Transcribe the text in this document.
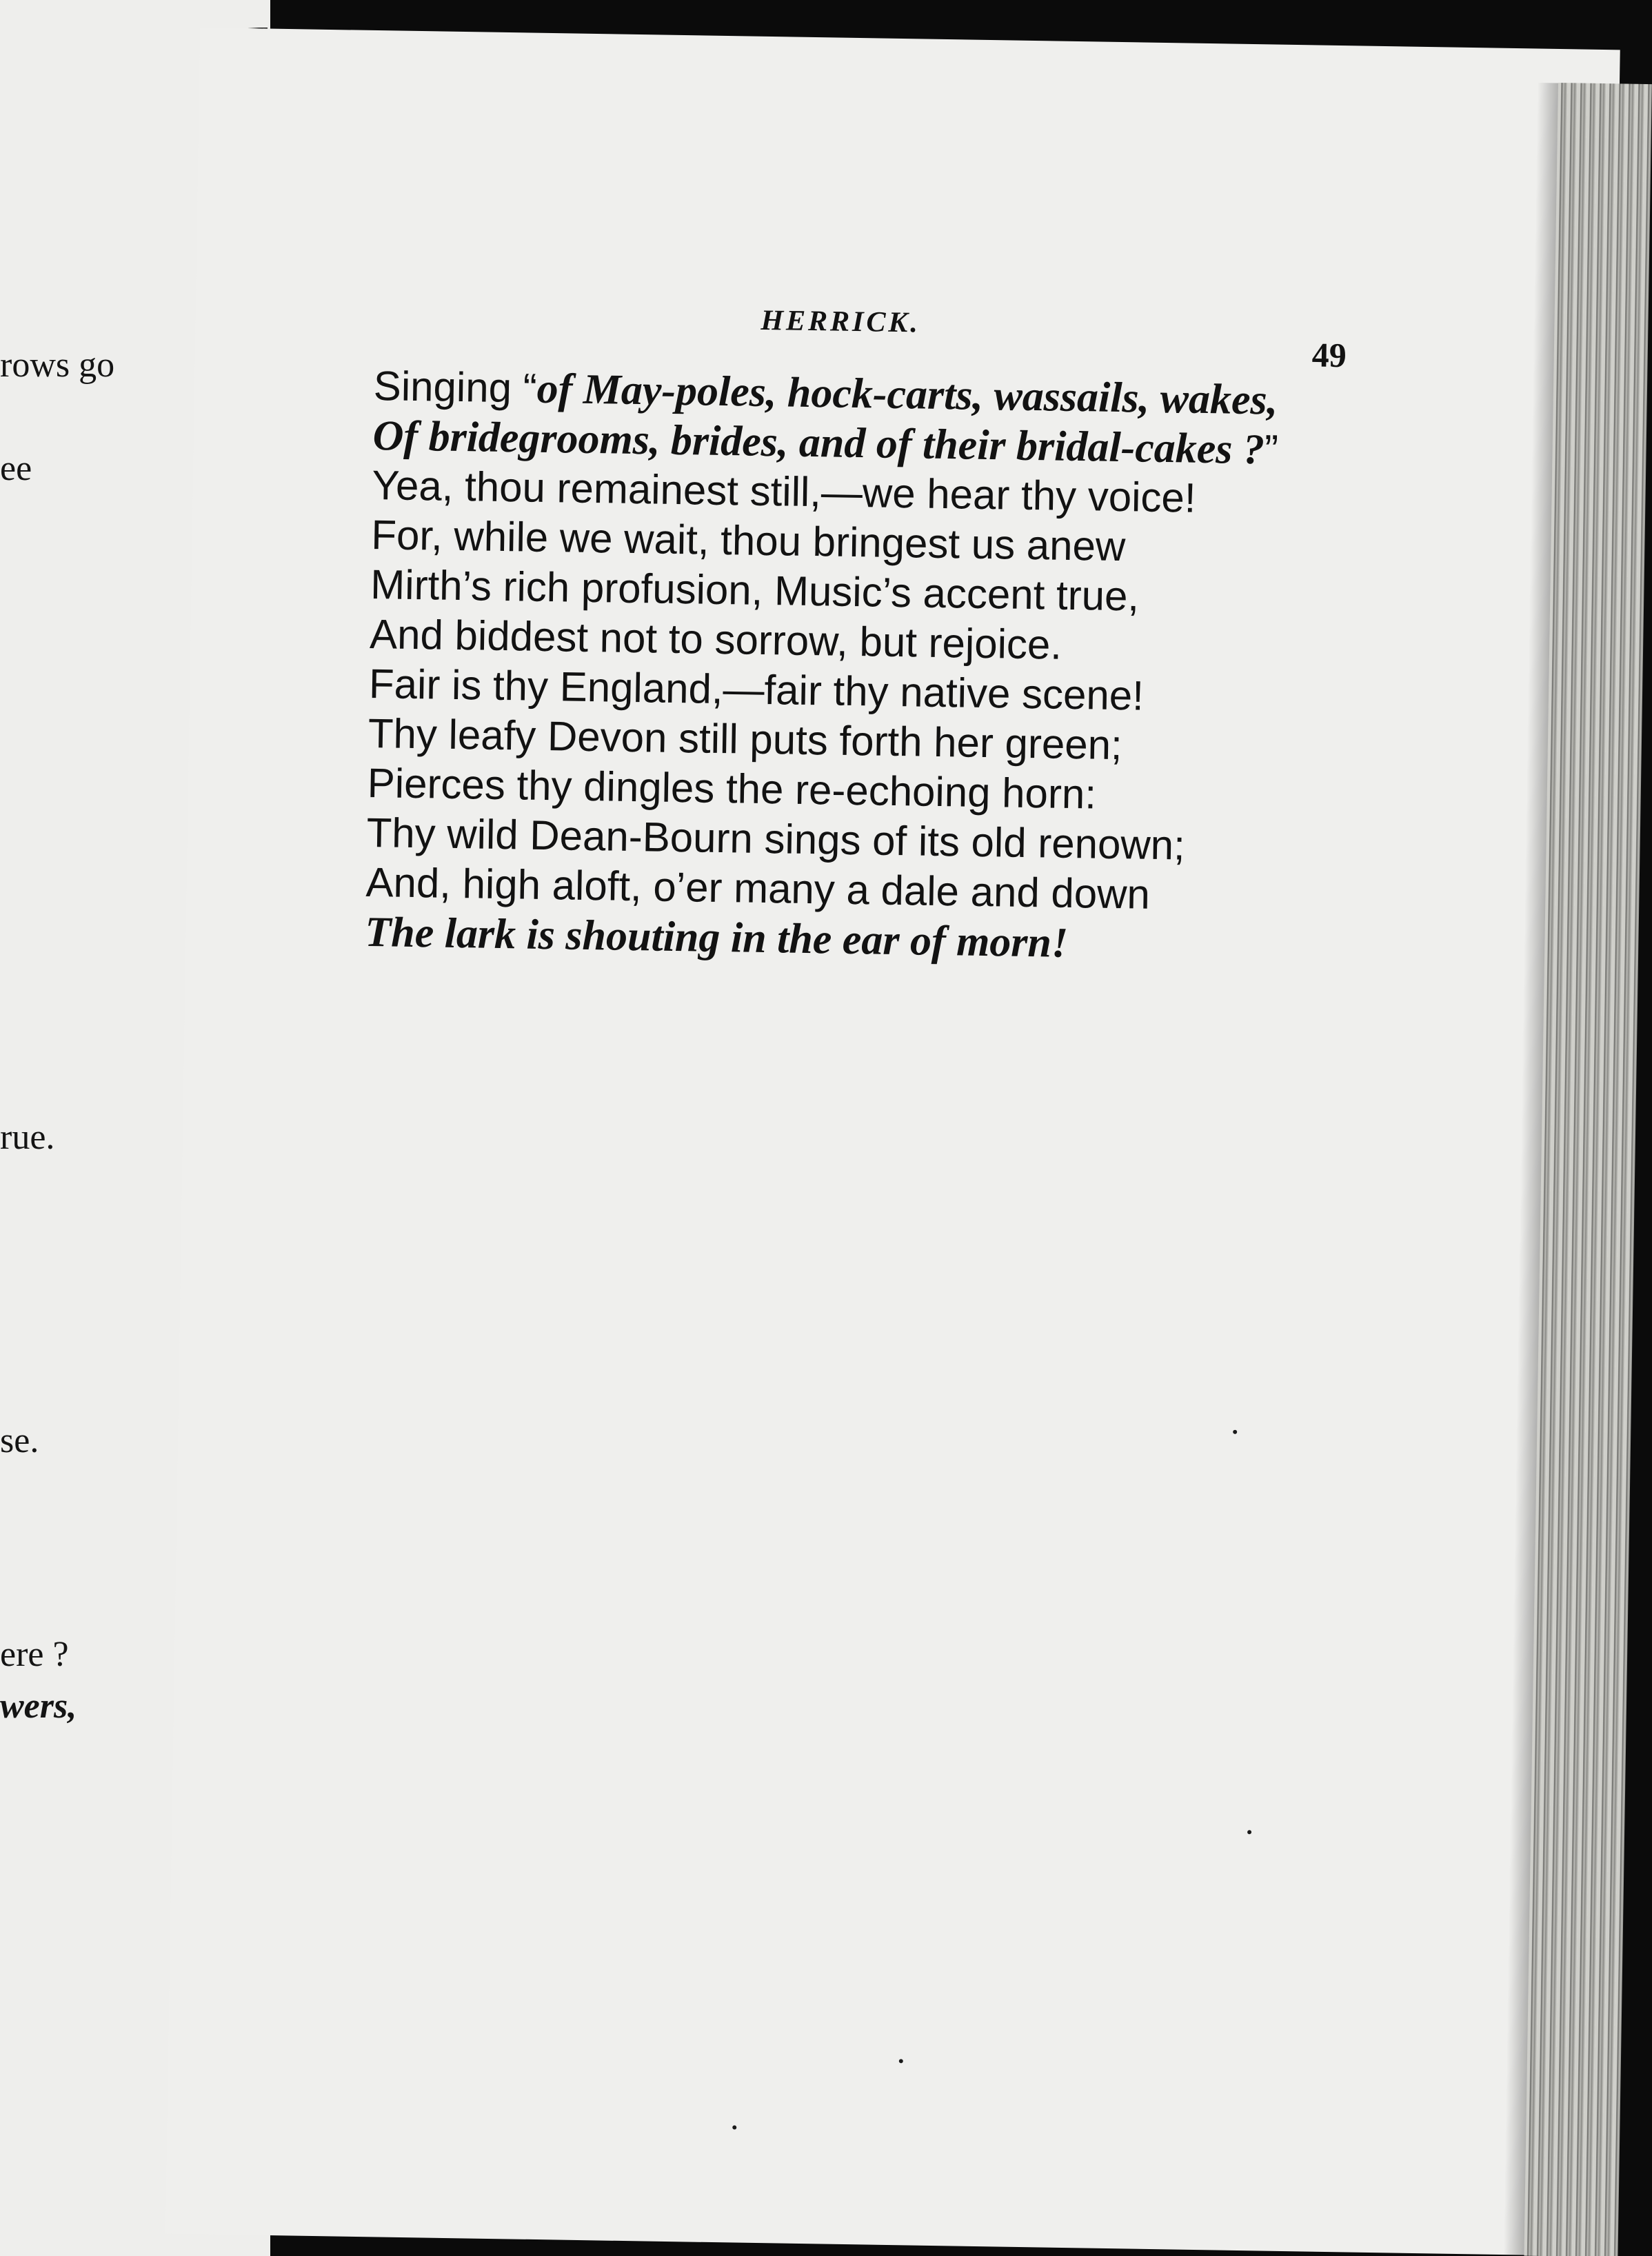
rows go
ee
rue.
se.
ere ?
wers,
HERRICK.
49
Singing “of May-poles, hock-carts, wassails, wakes,
Of bridegrooms, brides, and of their bridal-cakes ?”
Yea, thou remainest still,—we hear thy voice!
For, while we wait, thou bringest us anew
Mirth’s rich profusion, Music’s accent true,
And biddest not to sorrow, but rejoice.
Fair is thy England,—fair thy native scene!
Thy leafy Devon still puts forth her green;
Pierces thy dingles the re-echoing horn:
Thy wild Dean-Bourn sings of its old renown;
And, high aloft, o’er many a dale and down
The lark is shouting in the ear of morn!
